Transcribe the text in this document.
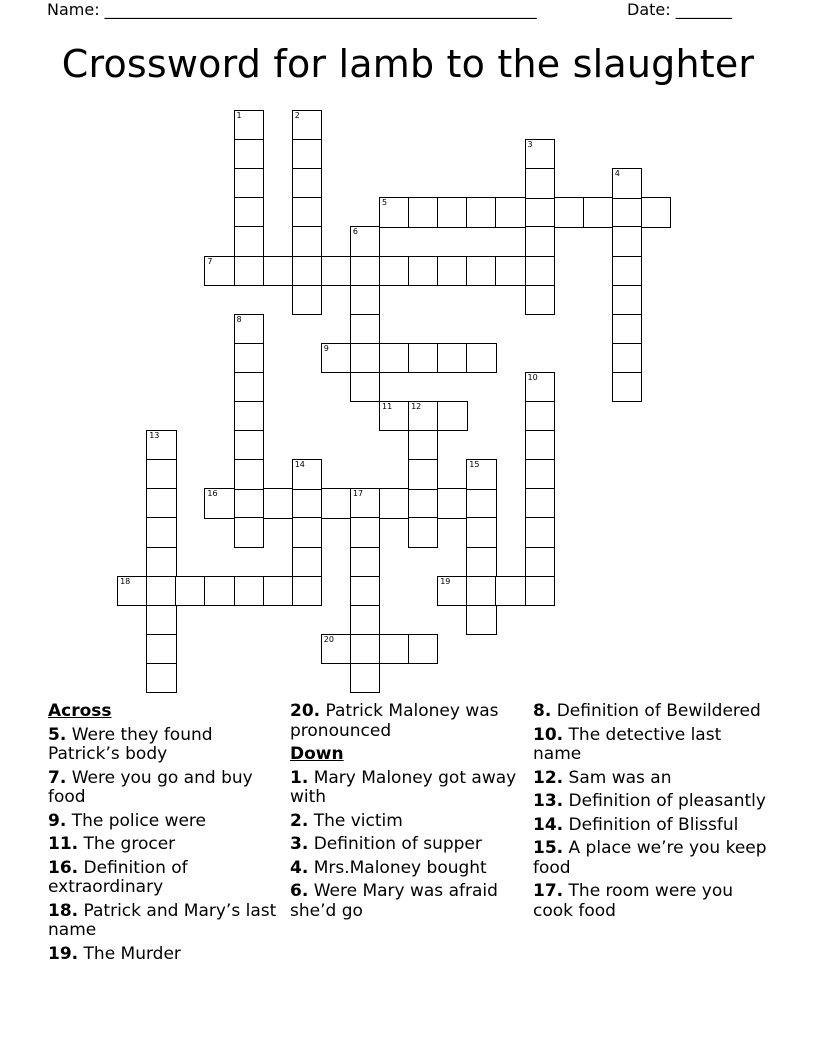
Name: ______________________________________________________	Date: _______
Crossword for lamb to the slaughter
5
7
9
11 12
16	17
18	19
20
1	2
3
4
6
8
10
13
14	15
Across
5. Were they found Patrick’s body
7. Were you go and buy food
9. The police were
11. The grocer
16. Definition of extraordinary
18. Patrick and Mary’s last name
19. The Murder
20. Patrick Maloney was pronounced
Down
1. Mary Maloney got away with
2. The victim
3. Definition of supper
4. Mrs.Maloney bought
6. Were Mary was afraid she’d go
8. Definition of Bewildered
10. The detective last name
12. Sam was an
13. Definition of pleasantly
14. Definition of Blissful
15. A place we’re you keep food
17. The room were you cook food
